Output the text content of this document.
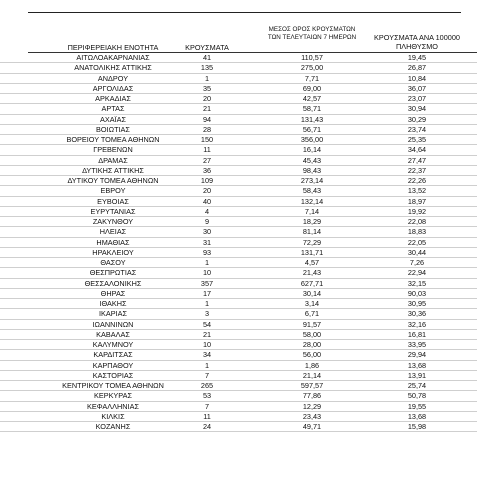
ΠΕΡΙΦΕΡΕΙΑΚΗ ΕΝΟΤΗΤΑ	ΚΡΟΥΣΜΑΤΑ
ΜΕΣΟΣ ΟΡΟΣ ΚΡΟΥΣΜΑΤΩΝ
ΤΩΝ ΤΕΛΕΥΤΑΙΩΝ 7 ΗΜΕΡΩΝ	ΚΡΟΥΣΜΑΤΑ ΑΝΑ 100000
ΠΛΗΘΥΣΜΟ
ΑΙΤΩΛΟΑΚΑΡΝΑΝΙΑΣ	41	110,57	19,45
ΑΝΑΤΟΛΙΚΗΣ ΑΤΤΙΚΗΣ	135	275,00	26,87
ΑΝΔΡΟΥ	1	7,71	10,84
ΑΡΓΟΛΙΔΑΣ	35	69,00	36,07
ΑΡΚΑΔΙΑΣ	20	42,57	23,07
ΑΡΤΑΣ	21	58,71	30,94
ΑΧΑΪΑΣ	94	131,43	30,29
ΒΟΙΩΤΙΑΣ	28	56,71	23,74
ΒΟΡΕΙΟΥ ΤΟΜΕΑ ΑΘΗΝΩΝ	150	356,00	25,35
ΓΡΕΒΕΝΩΝ	11	16,14	34,64
ΔΡΑΜΑΣ	27	45,43	27,47
ΔΥΤΙΚΗΣ ΑΤΤΙΚΗΣ	36	98,43	22,37
ΔΥΤΙΚΟΥ ΤΟΜΕΑ ΑΘΗΝΩΝ	109	273,14	22,26
ΕΒΡΟΥ	20	58,43	13,52
ΕΥΒΟΙΑΣ	40	132,14	18,97
ΕΥΡΥΤΑΝΙΑΣ	4	7,14	19,92
ΖΑΚΥΝΘΟΥ	9	18,29	22,08
ΗΛΕΙΑΣ	30	81,14	18,83
ΗΜΑΘΙΑΣ	31	72,29	22,05
ΗΡΑΚΛΕΙΟΥ	93	131,71	30,44
ΘΑΣΟΥ	1	4,57	7,26
ΘΕΣΠΡΩΤΙΑΣ	10	21,43	22,94
ΘΕΣΣΑΛΟΝΙΚΗΣ	357	627,71	32,15
ΘΗΡΑΣ	17	30,14	90,03
ΙΘΑΚΗΣ	1	3,14	30,95
ΙΚΑΡΙΑΣ	3	6,71	30,36
ΙΩΑΝΝΙΝΩΝ	54	91,57	32,16
ΚΑΒΑΛΑΣ	21	58,00	16,81
ΚΑΛΥΜΝΟΥ	10	28,00	33,95
ΚΑΡΔΙΤΣΑΣ	34	56,00	29,94
ΚΑΡΠΑΘΟΥ	1	1,86	13,68
ΚΑΣΤΟΡΙΑΣ	7	21,14	13,91
ΚΕΝΤΡΙΚΟΥ ΤΟΜΕΑ ΑΘΗΝΩΝ	265	597,57	25,74
ΚΕΡΚΥΡΑΣ	53	77,86	50,78
ΚΕΦΑΛΛΗΝΙΑΣ	7	12,29	19,55
ΚΙΛΚΙΣ	11	23,43	13,68
ΚΟΖΑΝΗΣ	24	49,71	15,98
